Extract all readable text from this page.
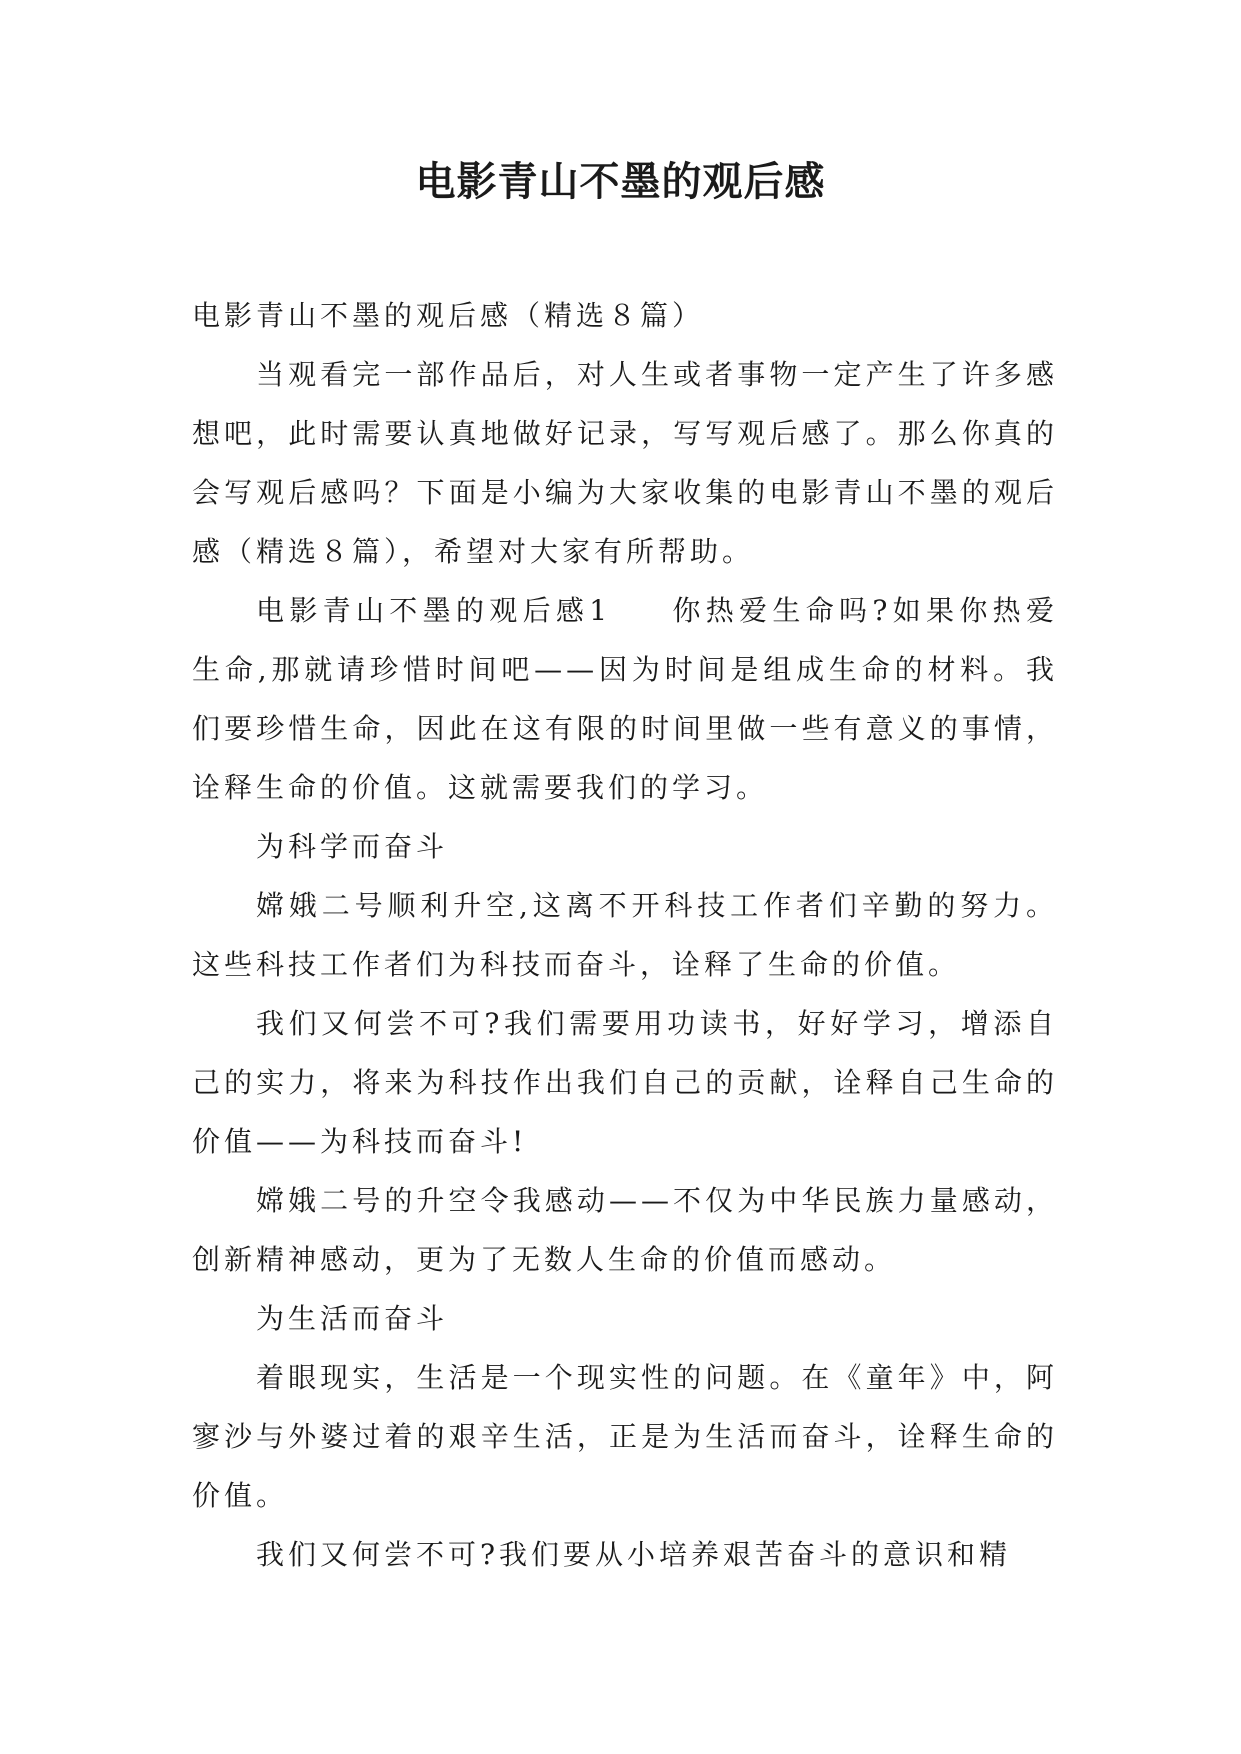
电影青山不墨的观后感

电影青山不墨的观后感（精选８篇）

当观看完一部作品后，对人生或者事物一定产生了许多感想吧，此时需要认真地做好记录，写写观后感了。那么你真的会写观后感吗？下面是小编为大家收集的电影青山不墨的观后感（精选８篇），希望对大家有所帮助。

电影青山不墨的观后感1 你热爱生命吗?如果你热爱生命,那就请珍惜时间吧——因为时间是组成生命的材料。我们要珍惜生命，因此在这有限的时间里做一些有意义的事情，诠释生命的价值。这就需要我们的学习。

为科学而奋斗

嫦娥二号顺利升空,这离不开科技工作者们辛勤的努力。这些科技工作者们为科技而奋斗，诠释了生命的价值。

我们又何尝不可?我们需要用功读书，好好学习，增添自己的实力，将来为科技作出我们自己的贡献，诠释自己生命的价值——为科技而奋斗!

嫦娥二号的升空令我感动——不仅为中华民族力量感动，创新精神感动，更为了无数人生命的价值而感动。

为生活而奋斗

着眼现实，生活是一个现实性的问题。在《童年》中，阿寥沙与外婆过着的艰辛生活，正是为生活而奋斗，诠释生命的价值。

我们又何尝不可?我们要从小培养艰苦奋斗的意识和精
